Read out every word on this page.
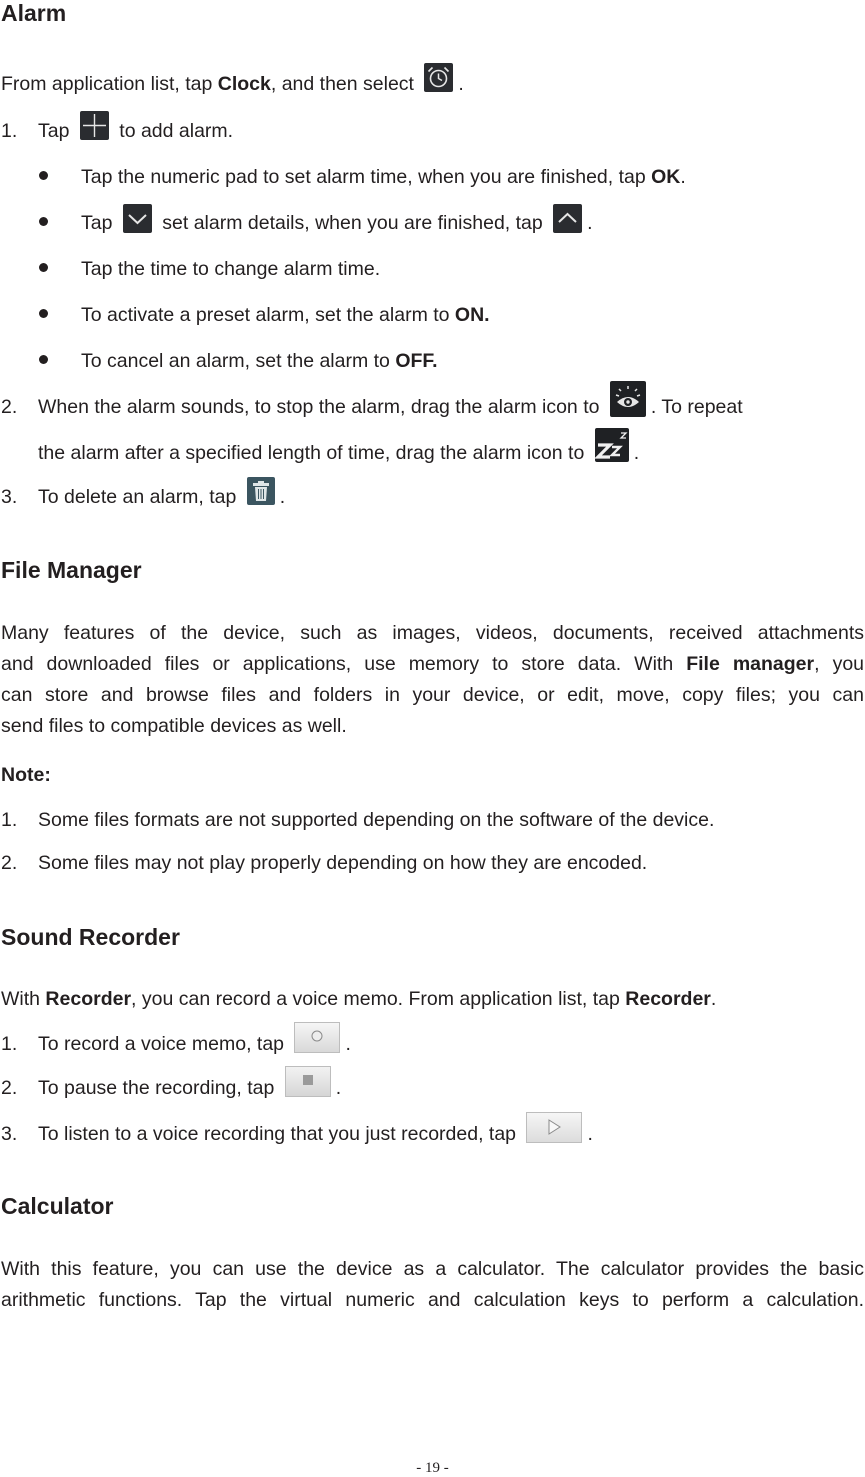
Alarm
From application list, tap Clock, and then select
.
1. Tap
to add alarm.
Tap the numeric pad to set alarm time, when you are finished, tap OK.
Tap
set alarm details, when you are finished, tap
.
Tap the time to change alarm time.
To activate a preset alarm, set the alarm to ON.
To cancel an alarm, set the alarm to OFF.
2. When the alarm sounds, to stop the alarm, drag the alarm icon to
. To repeat
the alarm after a specified length of time, drag the alarm icon to
.
3. To delete an alarm, tap
.
File Manager
Many features of the device, such as images, videos, documents, received attachments
and downloaded files or applications, use memory to store data. With File manager, you
can store and browse files and folders in your device, or edit, move, copy files; you can
send files to compatible devices as well.
Note:
1. Some files formats are not supported depending on the software of the device.
2. Some files may not play properly depending on how they are encoded.
Sound Recorder
With Recorder, you can record a voice memo. From application list, tap Recorder.
1. To record a voice memo, tap	.
2. To pause the recording, tap	.
3. To listen to a voice recording that you just recorded, tap	.
Calculator
With this feature, you can use the device as a calculator. The calculator provides the basic
arithmetic functions. Tap the virtual numeric and calculation keys to perform a calculation.
- 19 -
